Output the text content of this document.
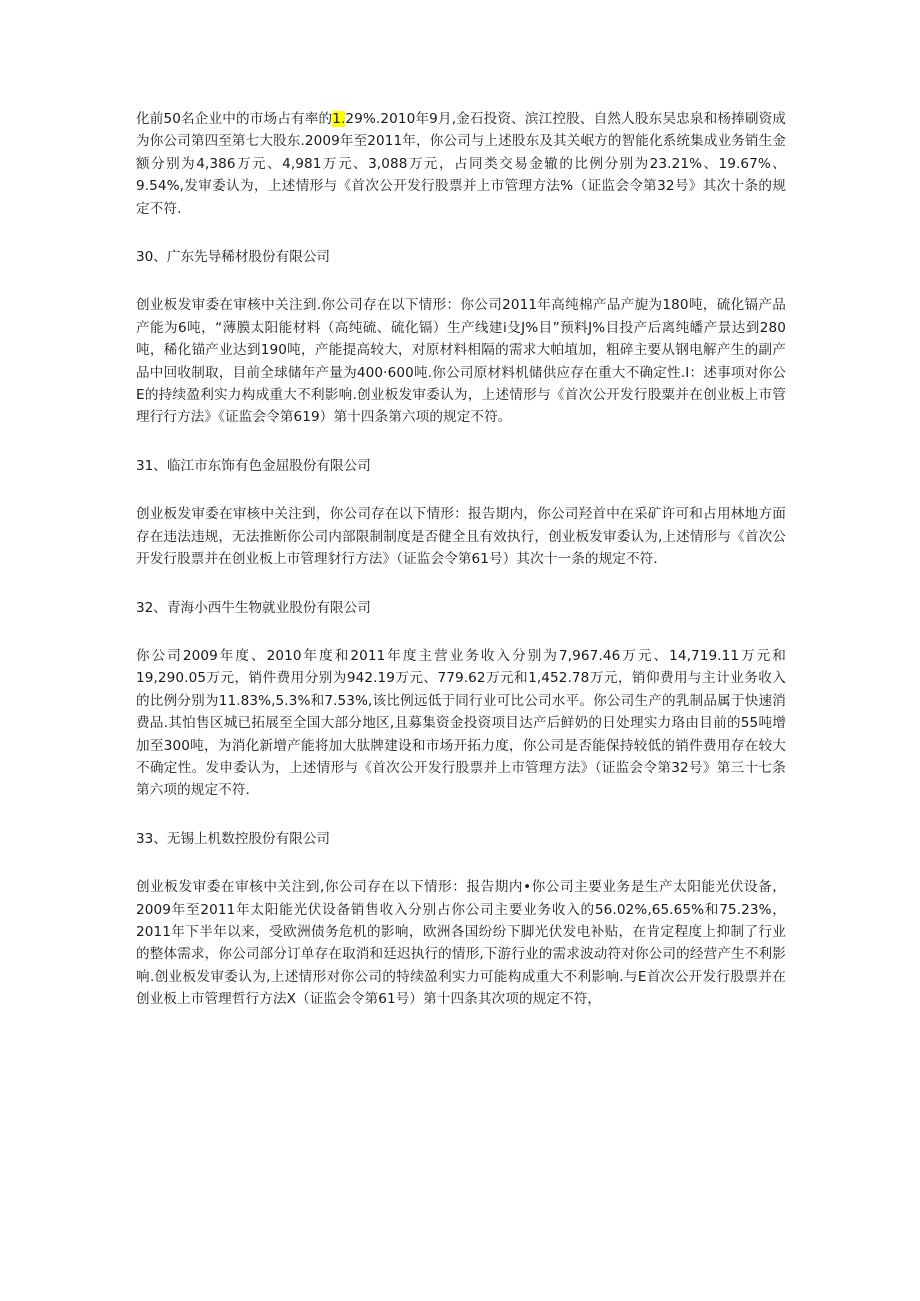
化前50名企业中的市场占有率的1.29%.2010年9月,金石投资、滨江控股、自然人股东吴忠泉和杨捧刷资成为你公司第四至第七大股东.2009年至2011年，你公司与上述股东及其关岷方的智能化系统集成业务销生金额分别为4,386万元、4,981万元、3,088万元，占同类交易金辙的比例分别为23.21%、19.67%、9.54%,发审委认为，上述情形与《首次公开发行股票并上市管理方法%（证监会令第32号》其次十条的规定不符.

30、广东先导稀材股份有限公司

创业板发审委在审核中关注到.你公司存在以下情形：你公司2011年高纯棉产品产旎为180吨，硫化镉产品产能为6吨，“薄膜太阳能材料（高纯硫、硫化镉）生产线建i殳J%目”预料J%目投产后离纯皤产景达到280吨，稀化锚产业达到190吨，产能提高较大，对原材料相隔的需求大帕埴加，粗碎主要从钢电解产生的副产品中回收制取，目前全球储年产量为400·600吨.你公司原材料机储供应存在重大不确定性.I：述事项对你公E的持续盈利实力构成重大不利影响.创业板发审委认为，上述情形与《首次公开发行股粟并在创业板上市管理行行方法》《证监会令第619）第十四条第六项的规定不符。

31、临江市东饰有色金屈股份有限公司

创业板发审委在审核中关注到，你公司存在以下情形：报告期内，你公司羟首中在采矿许可和占用林地方面存在违法违规，无法推断你公司内部限制制度是否健全且有效执行，创业板发审委认为,上述情形与《首次公开发行股票并在创业板上市管理豺行方法》（证监会令第61号）其次十一条的规定不符.

32、青海小西牛生物就业股份有限公司

你公司2009年度、2010年度和2011年度主营业务收入分别为7,967.46万元、14,719.11万元和19,290.05万元，销件费用分别为942.19万元、779.62万元和1,452.78万元，销仰费用与主计业务收入的比例分别为11.83%,5.3%和7.53%,该比例远低于同行业可比公司水平。你公司生产的乳制品属于快速消费品.其怕售区城已拓展至全国大部分地区,且募集资金投资项目达产后鲜奶的日处理实力珞由目前的55吨增加至300吨，为消化新增产能将加大肽牌建设和市场开拓力度，你公司是否能保持较低的销件费用存在较大不确定性。发申委认为，上述情形与《首次公开发行股票并上市管理方法》（证监会令第32号》第三十七条第六项的规定不符.

33、无锡上机数控股份有限公司

创业板发审委在审核中关注到,你公司存在以下情形：报告期内•你公司主要业务是生产太阳能光伏设备，2009年至2011年太阳能光伏设备销售收入分别占你公司主要业务收入的56.02%,65.65%和75.23%，2011年下半年以来，受欧洲债务危机的影响，欧洲各国纷纷下脚光伏发电补贴，在肯定程度上抑制了行业的整体需求，你公司部分订单存在取消和廷迟执行的情形,下游行业的需求波动符对你公司的经营产生不利影响.创业板发审委认为,上述情形对你公司的特续盈利实力可能构成重大不利影响.与E首次公开发行股票并在创业板上市管理哲行方法X（证监会令第61号）第十四条其次项的规定不符，
